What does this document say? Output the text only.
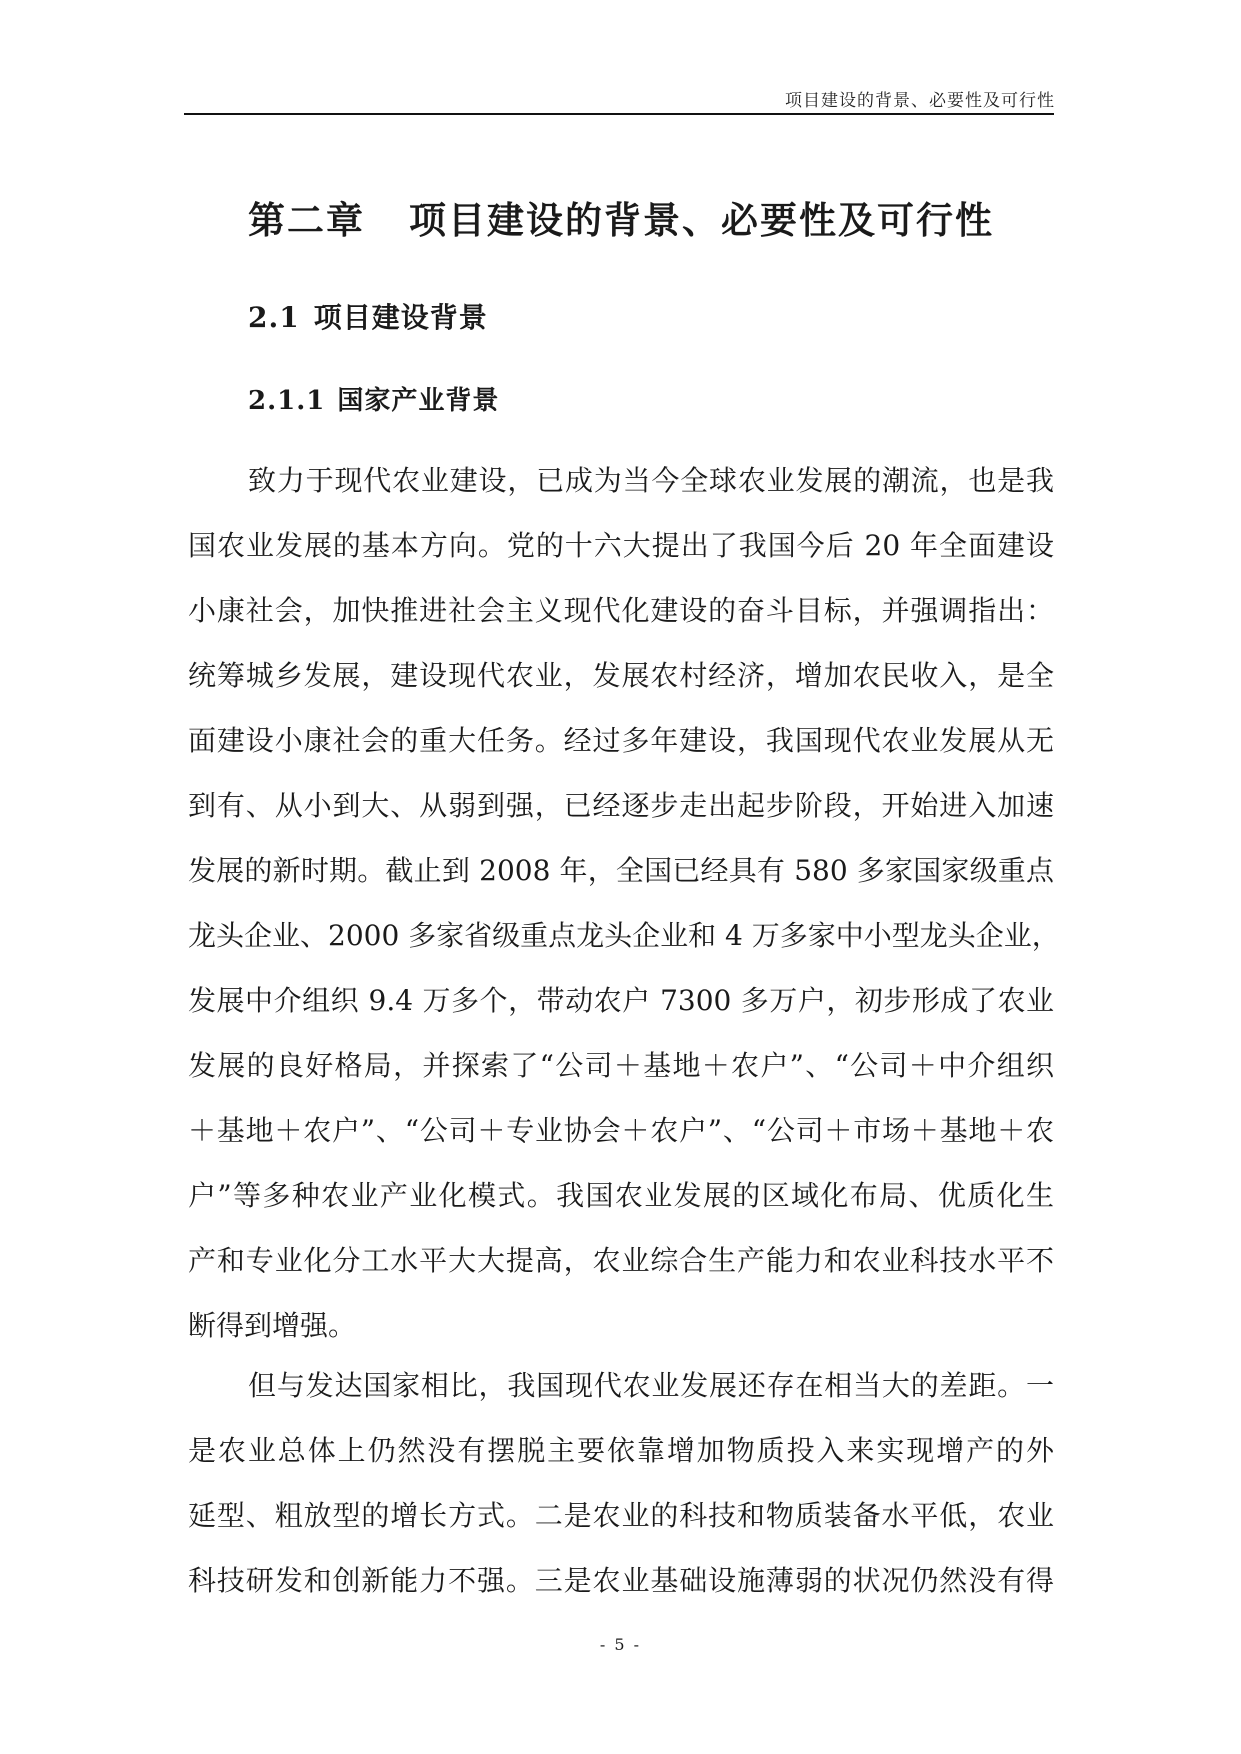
项目建设的背景、必要性及可行性
第二章 项目建设的背景、必要性及可行性
2.1 项目建设背景
2.1.1 国家产业背景
致力于现代农业建设，已成为当今全球农业发展的潮流，也是我
国农业发展的基本方向。党的十六大提出了我国今后 20 年全面建设
小康社会，加快推进社会主义现代化建设的奋斗目标，并强调指出：
统筹城乡发展，建设现代农业，发展农村经济，增加农民收入，是全
面建设小康社会的重大任务。经过多年建设，我国现代农业发展从无
到有、从小到大、从弱到强，已经逐步走出起步阶段，开始进入加速
发展的新时期。截止到 2008 年，全国已经具有 580 多家国家级重点
龙头企业、2000 多家省级重点龙头企业和 4 万多家中小型龙头企业，
发展中介组织 9.4 万多个，带动农户 7300 多万户，初步形成了农业
发展的良好格局，并探索了“公司＋基地＋农户”、“公司＋中介组织
＋基地＋农户”、“公司＋专业协会＋农户”、“公司＋市场＋基地＋农
户”等多种农业产业化模式。我国农业发展的区域化布局、优质化生
产和专业化分工水平大大提高，农业综合生产能力和农业科技水平不
断得到增强。
但与发达国家相比，我国现代农业发展还存在相当大的差距。一
是农业总体上仍然没有摆脱主要依靠增加物质投入来实现增产的外
延型、粗放型的增长方式。二是农业的科技和物质装备水平低，农业
科技研发和创新能力不强。三是农业基础设施薄弱的状况仍然没有得
- 5 -
